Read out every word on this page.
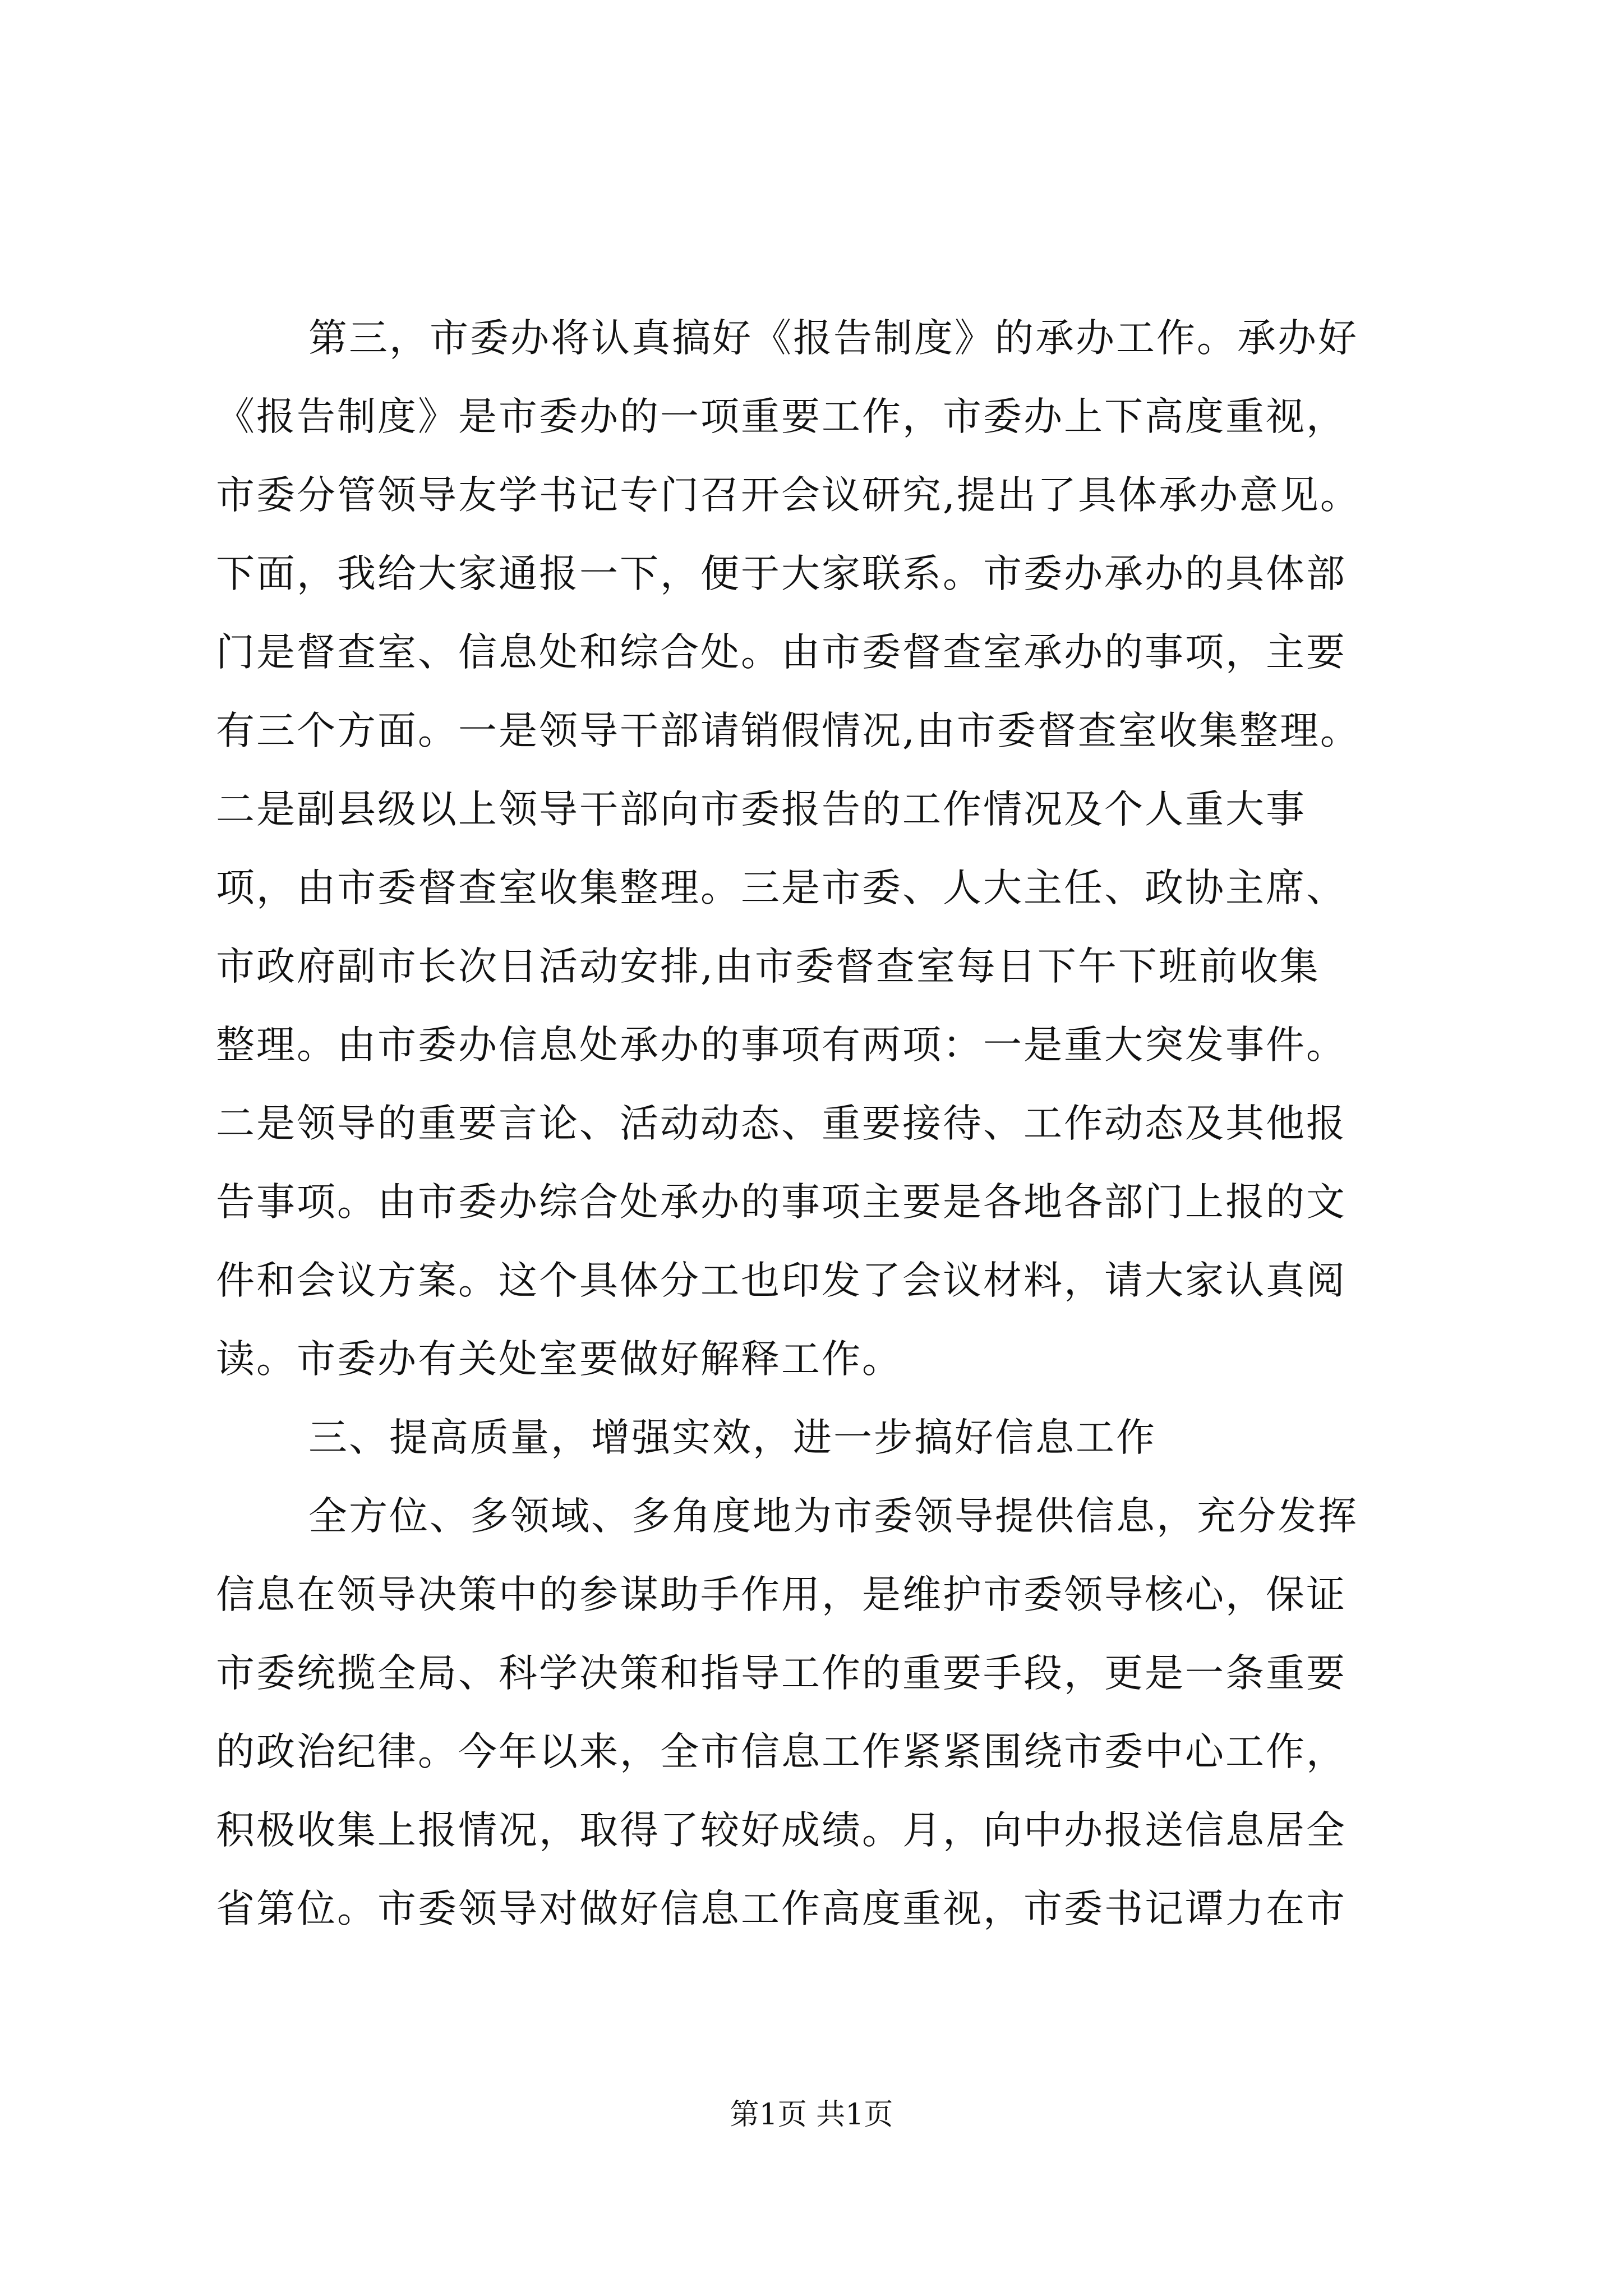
第三，市委办将认真搞好《报告制度》的承办工作。承办好
《报告制度》是市委办的一项重要工作，市委办上下高度重视，
市委分管领导友学书记专门召开会议研究,提出了具体承办意见。
下面，我给大家通报一下，便于大家联系。市委办承办的具体部
门是督查室、信息处和综合处。由市委督查室承办的事项，主要
有三个方面。一是领导干部请销假情况,由市委督查室收集整理。
二是副县级以上领导干部向市委报告的工作情况及个人重大事
项，由市委督查室收集整理。三是市委、人大主任、政协主席、
市政府副市长次日活动安排,由市委督查室每日下午下班前收集
整理。由市委办信息处承办的事项有两项：一是重大突发事件。
二是领导的重要言论、活动动态、重要接待、工作动态及其他报
告事项。由市委办综合处承办的事项主要是各地各部门上报的文
件和会议方案。这个具体分工也印发了会议材料，请大家认真阅
读。市委办有关处室要做好解释工作。
三、提高质量，增强实效，进一步搞好信息工作
全方位、多领域、多角度地为市委领导提供信息，充分发挥
信息在领导决策中的参谋助手作用，是维护市委领导核心，保证
市委统揽全局、科学决策和指导工作的重要手段，更是一条重要
的政治纪律。今年以来，全市信息工作紧紧围绕市委中心工作，
积极收集上报情况，取得了较好成绩。月，向中办报送信息居全
省第位。市委领导对做好信息工作高度重视，市委书记谭力在市
第1页 共1页
